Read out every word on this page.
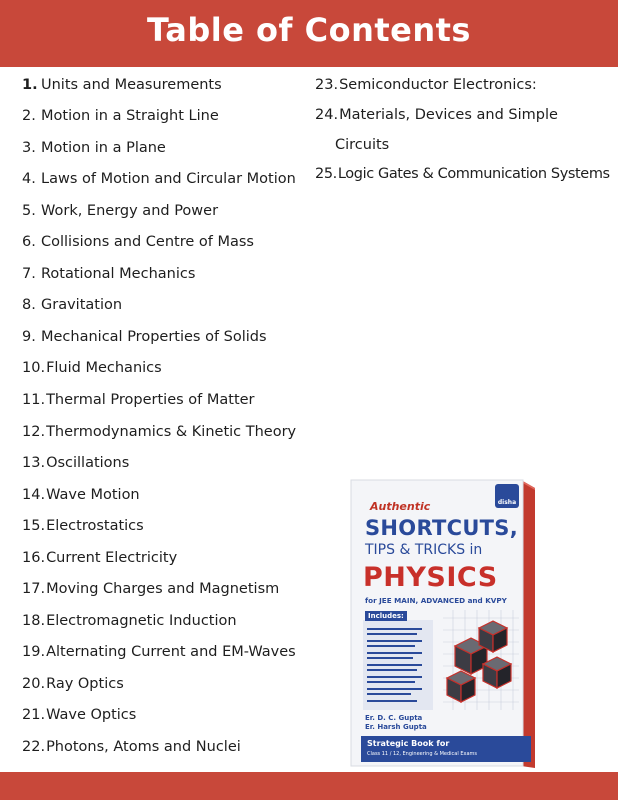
Table of Contents
1. Units and Measurements
2. Motion in a Straight Line
3. Motion in a Plane
4. Laws of Motion and Circular Motion
5. Work, Energy and Power
6. Collisions and Centre of Mass
7. Rotational Mechanics
8. Gravitation
9. Mechanical Properties of Solids
10.Fluid Mechanics
11.Thermal Properties of Matter
12.Thermodynamics & Kinetic Theory
13.Oscillations
14.Wave Motion
15.Electrostatics
16.Current Electricity
17.Moving Charges and Magnetism
18.Electromagnetic Induction
19.Alternating Current and EM-Waves
20.Ray Optics
21.Wave Optics
22.Photons, Atoms and Nuclei
23.Semiconductor Electronics:
24.Materials, Devices and Simple
Circuits
25.Logic Gates & Communication Systems
disha
Authentic
SHORTCUTS,
TIPS & TRICKS in
PHYSICS
for JEE MAIN, ADVANCED and KVPY
Includes:
Er. D. C. Gupta
Er. Harsh Gupta
Strategic Book for
Class 11 / 12, Engineering & Medical Exams
